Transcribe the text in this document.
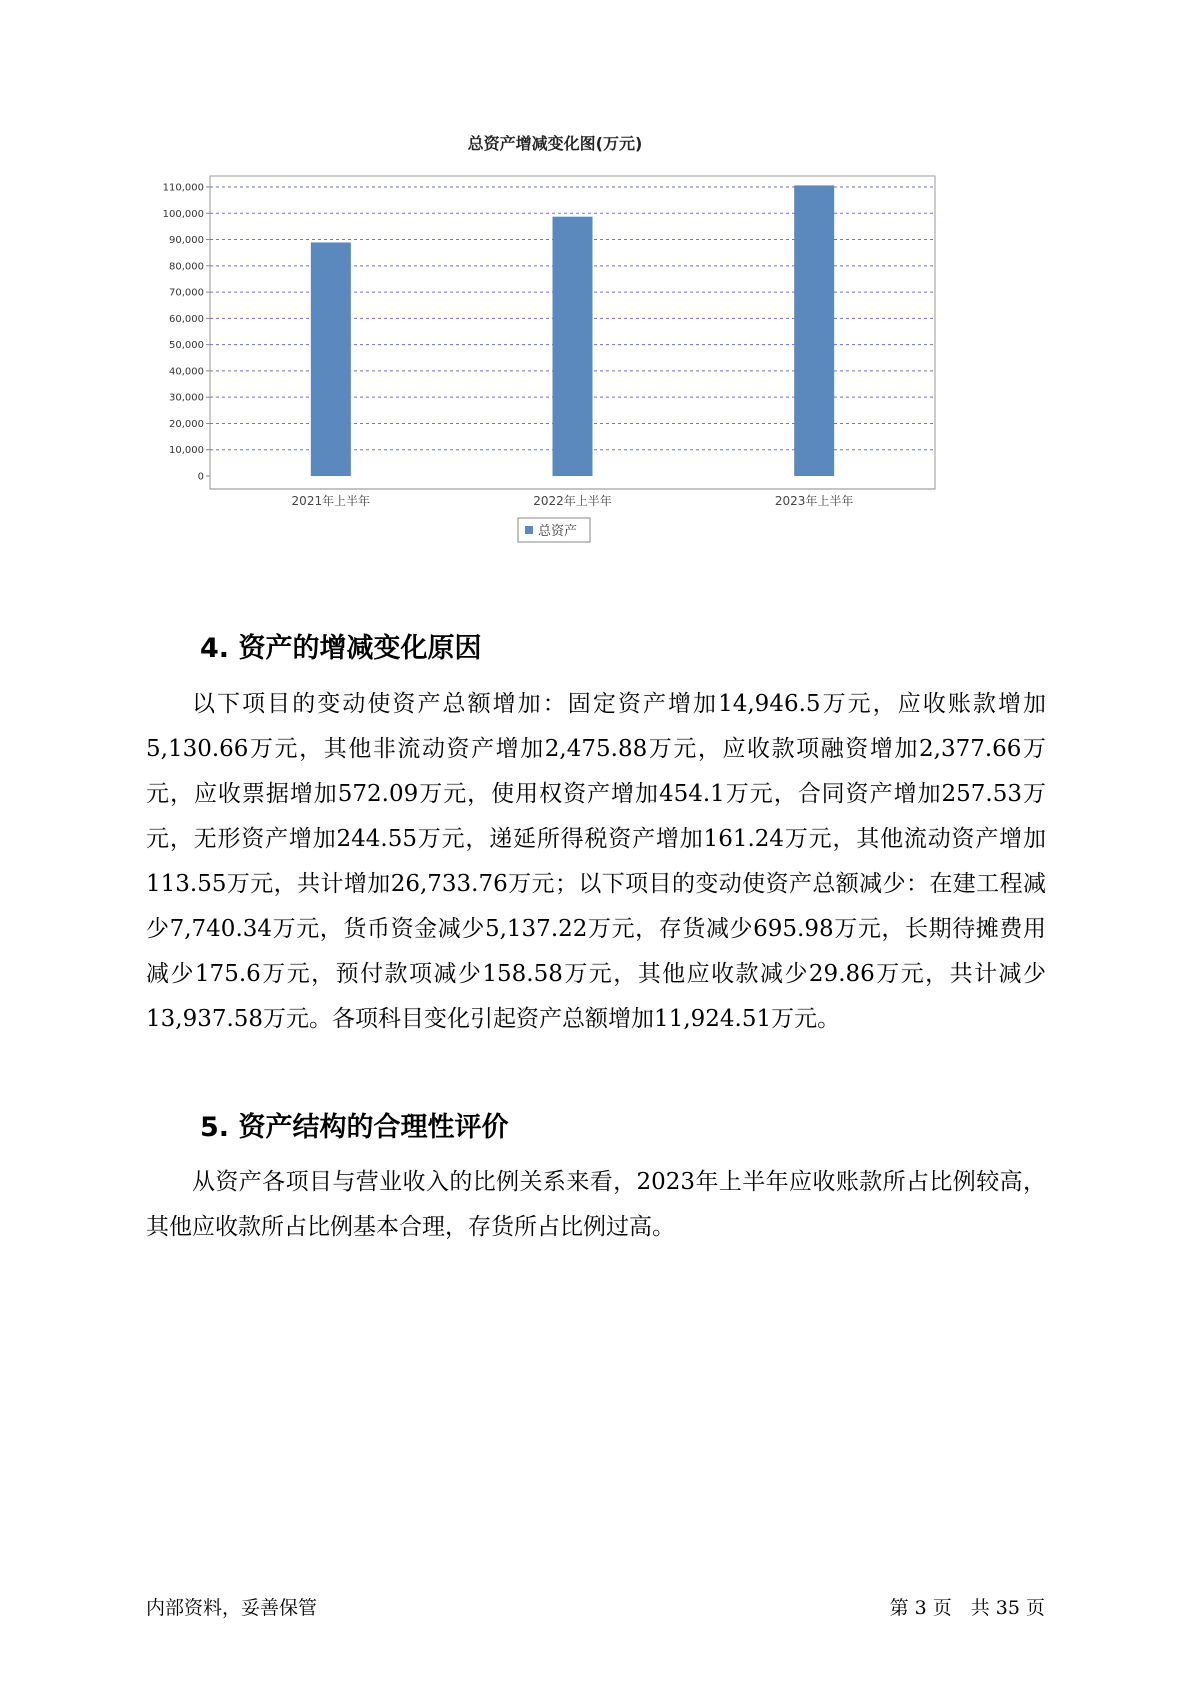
总资产增减变化图(万元)
0
10,000
20,000
30,000
40,000
50,000
60,000
70,000
80,000
90,000
100,000
110,000
2021年上半年	2022年上半年	2023年上半年
总资产
4. 资产的增减变化原因

以下项目的变动使资产总额增加：固定资产增加14,946.5万元，应收账款增加5,130.66万元，其他非流动资产增加2,475.88万元，应收款项融资增加2,377.66万元，应收票据增加572.09万元，使用权资产增加454.1万元，合同资产增加257.53万元，无形资产增加244.55万元，递延所得税资产增加161.24万元，其他流动资产增加113.55万元，共计增加26,733.76万元；以下项目的变动使资产总额减少：在建工程减少7,740.34万元，货币资金减少5,137.22万元，存货减少695.98万元，长期待摊费用减少175.6万元，预付款项减少158.58万元，其他应收款减少29.86万元，共计减少13,937.58万元。各项科目变化引起资产总额增加11,924.51万元。

5. 资产结构的合理性评价

从资产各项目与营业收入的比例关系来看，2023年上半年应收账款所占比例较高，其他应收款所占比例基本合理，存货所占比例过高。

内部资料，妥善保管	第 3 页　共 35 页
